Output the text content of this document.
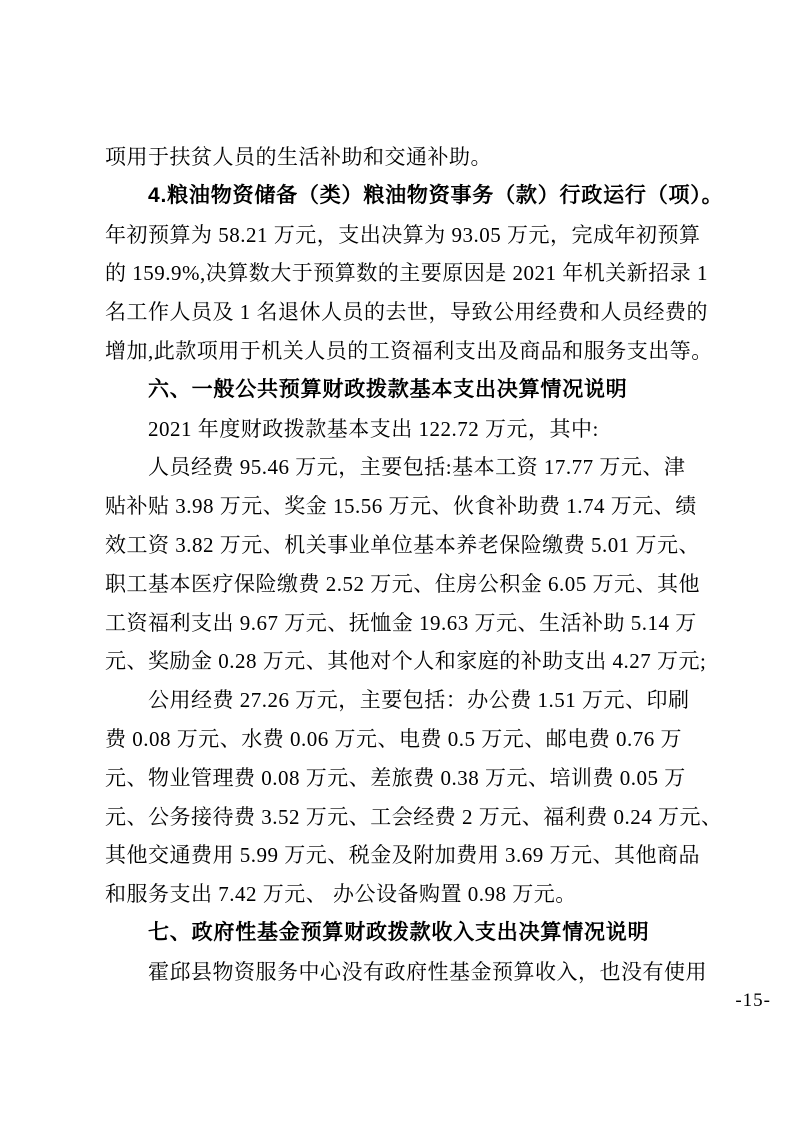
项用于扶贫人员的生活补助和交通补助。
4.粮油物资储备（类）粮油物资事务（款）行政运行（项）。
年初预算为 58.21 万元，支出决算为 93.05 万元，完成年初预算
的 159.9%,决算数大于预算数的主要原因是 2021 年机关新招录 1
名工作人员及 1 名退休人员的去世，导致公用经费和人员经费的
增加,此款项用于机关人员的工资福利支出及商品和服务支出等。
六、一般公共预算财政拨款基本支出决算情况说明
2021 年度财政拨款基本支出 122.72 万元，其中:
人员经费 95.46 万元，主要包括:基本工资 17.77 万元、津
贴补贴 3.98 万元、奖金 15.56 万元、伙食补助费 1.74 万元、绩
效工资 3.82 万元、机关事业单位基本养老保险缴费 5.01 万元、
职工基本医疗保险缴费 2.52 万元、住房公积金 6.05 万元、其他
工资福利支出 9.67 万元、抚恤金 19.63 万元、生活补助 5.14 万
元、奖励金 0.28 万元、其他对个人和家庭的补助支出 4.27 万元;
公用经费 27.26 万元，主要包括：办公费 1.51 万元、印刷
费 0.08 万元、水费 0.06 万元、电费 0.5 万元、邮电费 0.76 万
元、物业管理费 0.08 万元、差旅费 0.38 万元、培训费 0.05 万
元、公务接待费 3.52 万元、工会经费 2 万元、福利费 0.24 万元、
其他交通费用 5.99 万元、税金及附加费用 3.69 万元、其他商品
和服务支出 7.42 万元、 办公设备购置 0.98 万元。
七、政府性基金预算财政拨款收入支出决算情况说明
霍邱县物资服务中心没有政府性基金预算收入，也没有使用
-15-
